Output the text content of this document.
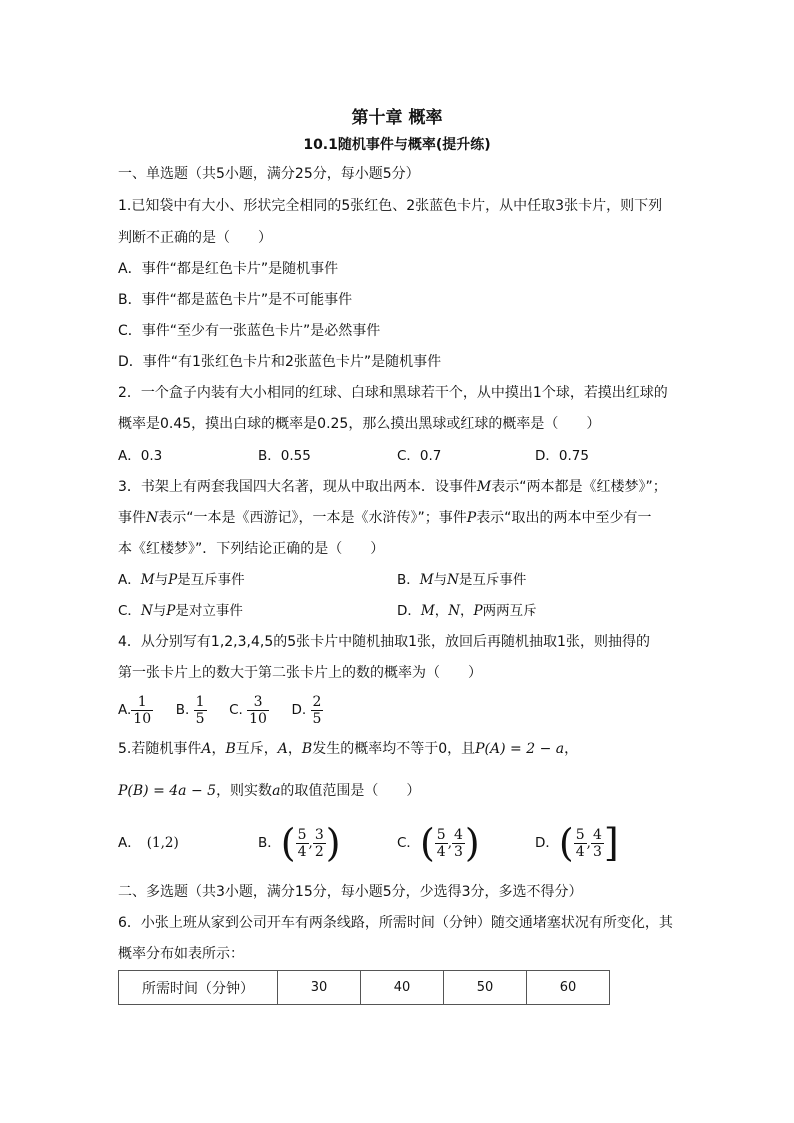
第十章 概率
10.1随机事件与概率(提升练)
一、单选题（共5小题，满分25分，每小题5分）
1.已知袋中有大小、形状完全相同的5张红色、2张蓝色卡片，从中任取3张卡片，则下列
判断不正确的是（　　）
A．事件“都是红色卡片”是随机事件
B．事件“都是蓝色卡片”是不可能事件
C．事件“至少有一张蓝色卡片”是必然事件
D．事件“有1张红色卡片和2张蓝色卡片”是随机事件
2．一个盒子内装有大小相同的红球、白球和黑球若干个，从中摸出1个球，若摸出红球的
概率是0.45，摸出白球的概率是0.25，那么摸出黑球或红球的概率是（　　）
A．0.3	B．0.55	C．0.7	D．0.75
3．书架上有两套我国四大名著，现从中取出两本．设事件M表示“两本都是《红楼梦》”；
事件N表示“一本是《西游记》，一本是《水浒传》”；事件P表示“取出的两本中至少有一
本《红楼梦》”．下列结论正确的是（　　）
A．M与P是互斥事件	B．M与N是互斥事件
C．N与P是对立事件	D．M，N，P两两互斥
4．从分别写有1,2,3,4,5的5张卡片中随机抽取1张，放回后再随机抽取1张，则抽得的
第一张卡片上的数大于第二张卡片上的数的概率为（　　）
A. $\frac{1}{10} B$. $\frac{1}{5} C$. $\frac{3}{10} D$. $\frac{2}{5}$
5.若随机事件A，B互斥，A，B发生的概率均不等于0，且P(A) = 2 − a，
P(B) = 4a − 5，则实数a的取值范围是（　　）
A． (1,2)	B．( $\frac{5}{4}$ , $\frac{3}{2}$ )	C．( $\frac{5}{4}$ , $\frac{4}{3}$ )	D．( $\frac{5}{4}$ , $\frac{4}{3}$ ]
二、多选题（共3小题，满分15分，每小题5分，少选得3分，多选不得分）
6．小张上班从家到公司开车有两条线路，所需时间（分钟）随交通堵塞状况有所变化，其
概率分布如表所示：
所需时间（分钟）	30	40	50	60
